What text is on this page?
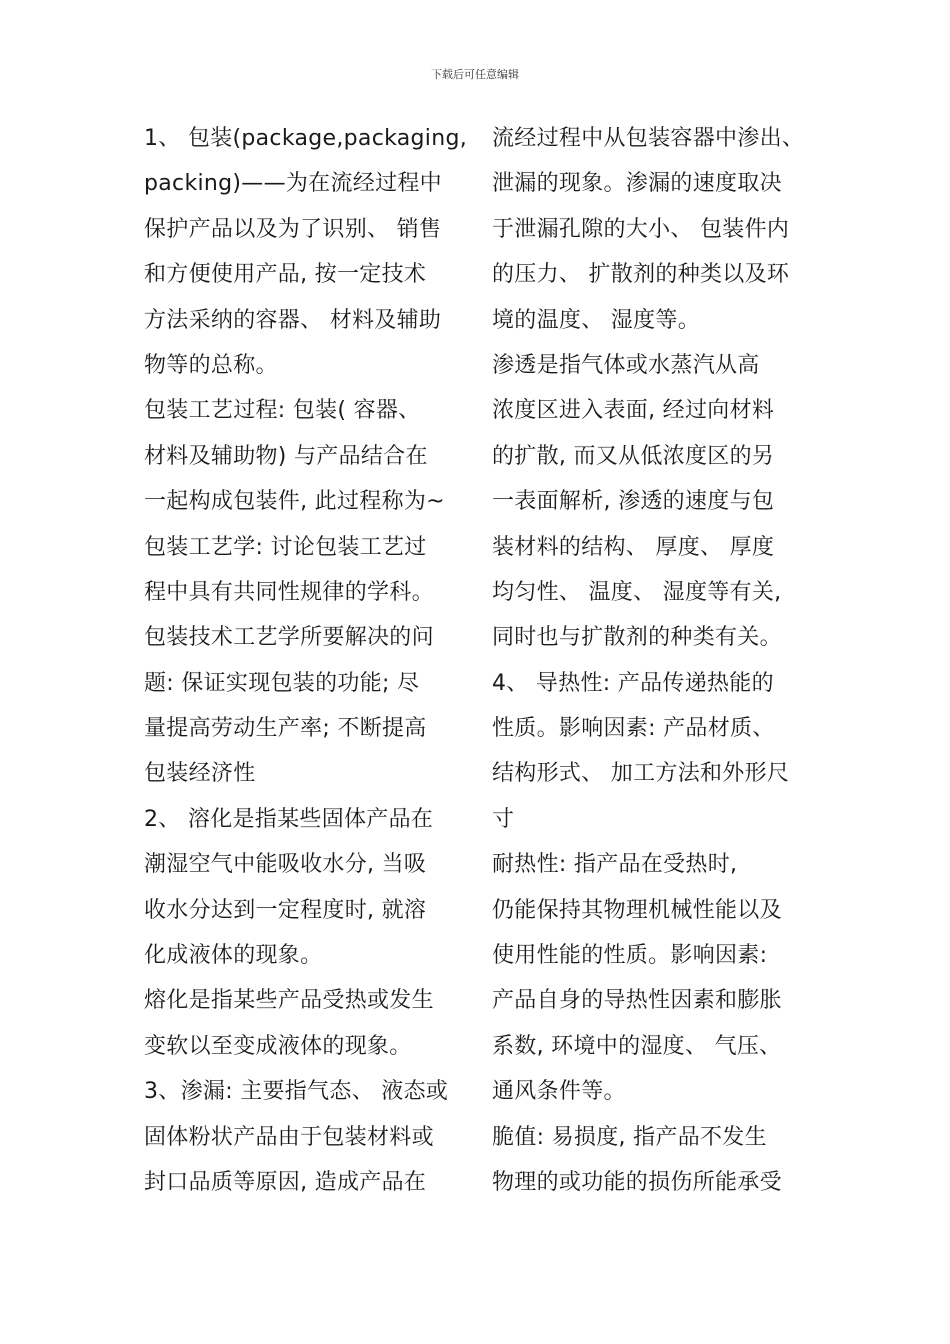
下载后可任意编辑
1、 包装(package,packaging,
packing)——为在流经过程中
保护产品以及为了识别、 销售
和方便使用产品, 按一定技术
方法采纳的容器、 材料及辅助
物等的总称。
包装工艺过程: 包装( 容器、
材料及辅助物) 与产品结合在
一起构成包装件, 此过程称为~
包装工艺学: 讨论包装工艺过
程中具有共同性规律的学科。
包装技术工艺学所要解决的问
题: 保证实现包装的功能; 尽
量提高劳动生产率; 不断提高
包装经济性
2、 溶化是指某些固体产品在
潮湿空气中能吸收水分, 当吸
收水分达到一定程度时, 就溶
化成液体的现象。
熔化是指某些产品受热或发生
变软以至变成液体的现象。
3、渗漏: 主要指气态、 液态或
固体粉状产品由于包装材料或
封口品质等原因, 造成产品在
流经过程中从包装容器中渗出、
泄漏的现象。渗漏的速度取决
于泄漏孔隙的大小、 包装件内
的压力、 扩散剂的种类以及环
境的温度、 湿度等。
渗透是指气体或水蒸汽从高
浓度区进入表面, 经过向材料
的扩散, 而又从低浓度区的另
一表面解析, 渗透的速度与包
装材料的结构、 厚度、 厚度
均匀性、 温度、 湿度等有关,
同时也与扩散剂的种类有关。
4、 导热性: 产品传递热能的
性质。影响因素: 产品材质、
结构形式、 加工方法和外形尺
寸
耐热性: 指产品在受热时,
仍能保持其物理机械性能以及
使用性能的性质。影响因素:
产品自身的导热性因素和膨胀
系数, 环境中的湿度、 气压、
通风条件等。
脆值: 易损度, 指产品不发生
物理的或功能的损伤所能承受
